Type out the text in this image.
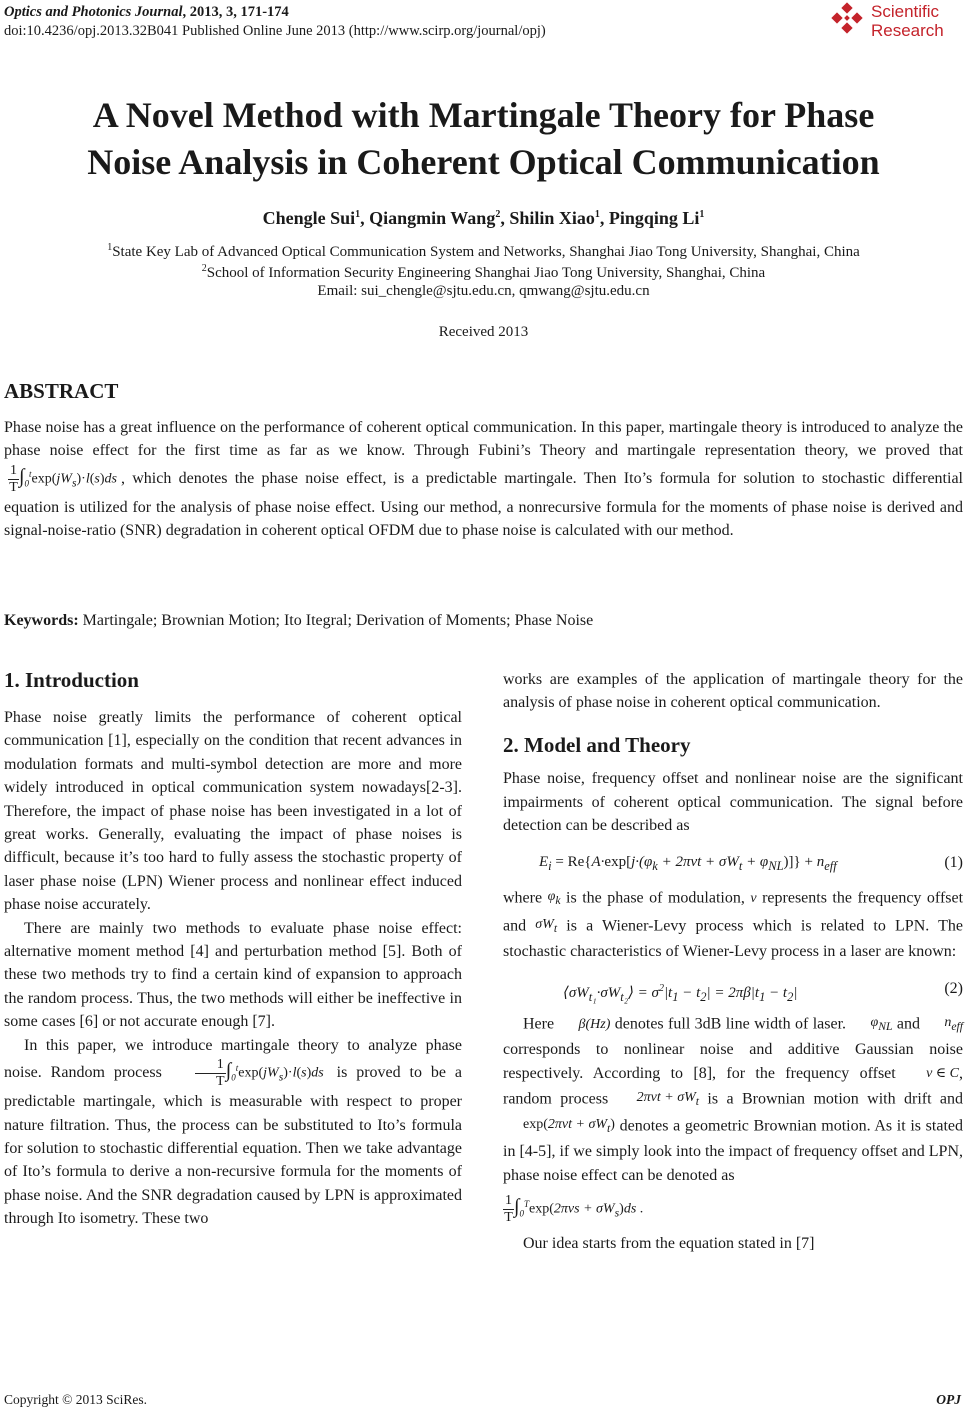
Optics and Photonics Journal, 2013, 3, 171-174
doi:10.4236/opj.2013.32B041 Published Online June 2013 (http://www.scirp.org/journal/opj)
Scientific
Research
A Novel Method with Martingale Theory for Phase
Noise Analysis in Coherent Optical Communication
Chengle Sui$^1$, Qiangmin Wang$^2$, Shilin Xiao$^1$, Pingqing Li$^1$
$^1$State Key Lab of Advanced Optical Communication System and Networks, Shanghai Jiao Tong University, Shanghai, China
$^2$School of Information Security Engineering Shanghai Jiao Tong University, Shanghai, China
Email: sui_chengle@sjtu.edu.cn, qmwang@sjtu.edu.cn
Received 2013
ABSTRACT
Phase noise has a great influence on the performance of coherent optical communication. In this paper, martingale theory is introduced to analyze the phase noise effect for the first time as far as we know. Through Fubini’s Theory and martingale representation theory, we proved that
$\frac{1}{T} \int_0^t\exp(jW_s)\cdot l(s)ds$, which denotes the phase noise effect, is a predictable martingale. Then Ito’s formula for solution to stochastic differential equation is utilized for the analysis of phase noise effect. Using our method, a nonrecursive formula for the moments of phase noise is derived and signal-noise-ratio (SNR) degradation in coherent optical OFDM due to phase noise is calculated with our method.
Keywords: Martingale; Brownian Motion; Ito Itegral; Derivation of Moments; Phase Noise
1. Introduction

Phase noise greatly limits the performance of coherent optical communication [1], especially on the condition that recent advances in modulation formats and multi-symbol detection are more and more widely introduced in optical communication system nowadays[2-3]. Therefore, the impact of phase noise has been investigated in a lot of great works. Generally, evaluating the impact of phase noises is difficult, because it’s too hard to fully assess the stochastic property of laser phase noise (LPN) Wiener process and nonlinear effect induced phase noise accurately.

There are mainly two methods to evaluate phase noise effect: alternative moment method [4] and perturbation method [5]. Both of these two methods try to find a certain kind of expansion to approach the random process. Thus, the two methods will either be ineffective in some cases [6] or not accurate enough [7].

In this paper, we introduce martingale theory to analyze phase noise. Random process $\frac{1}{T} \int_0^t\exp(jW_s)\cdot l(s)ds$ is proved to be a predictable martingale, which is measurable with respect to proper nature filtration. Thus, the process can be substituted to Ito’s formula for solution to stochastic differential equation. Then we take advantage of Ito’s formula to derive a non-recursive formula for the moments of phase noise. And the SNR degradation caused by LPN is approximated through Ito isometry. These two

works are examples of the application of martingale theory for the analysis of phase noise in coherent optical communication.

2. Model and Theory

Phase noise, frequency offset and nonlinear noise are the significant impairments of coherent optical communication. The signal before detection can be described as

$E_i = Re\{A\cdot\exp[j\cdot(\varphi_k + 2\pi\nu t + \sigma W_t + \varphi_{NL})]\} + n_{eff}$	(1)

where $\varphi_k$ is the phase of modulation, ν represents the frequency offset and $\sigma W_t$ is a Wiener-Levy process which is related to LPN. The stochastic characteristics of Wiener-Levy process in a laser are known:

$⟨\sigma W_{t_1}\cdot\sigma W_{t_2}⟩ = \sigma^2|t_1 - t_2| = 2\pi\beta|t_1 - t_2|$	(2)

Here β(Hz) denotes full 3dB line width of laser. $\varphi_{NL}$ and $n_{eff}$ corresponds to nonlinear noise and additive Gaussian noise respectively. According to [8], for the frequency offset ν ∈ C, random process $2\pi\nu t + \sigma W_t$ is a Brownian motion with drift and $\exp(2\pi\nu t + \sigma W_t)$ denotes a geometric Brownian motion. As it is stated in [4-5], if we simply look into the impact of frequency offset and LPN, phase noise effect can be denoted as

$\frac{1}{T} \int_0^T\exp(2\pi\nu s + \sigma W_s)ds$ .

Our idea starts from the equation stated in [7]

Copyright © 2013 SciRes.	OPJ
